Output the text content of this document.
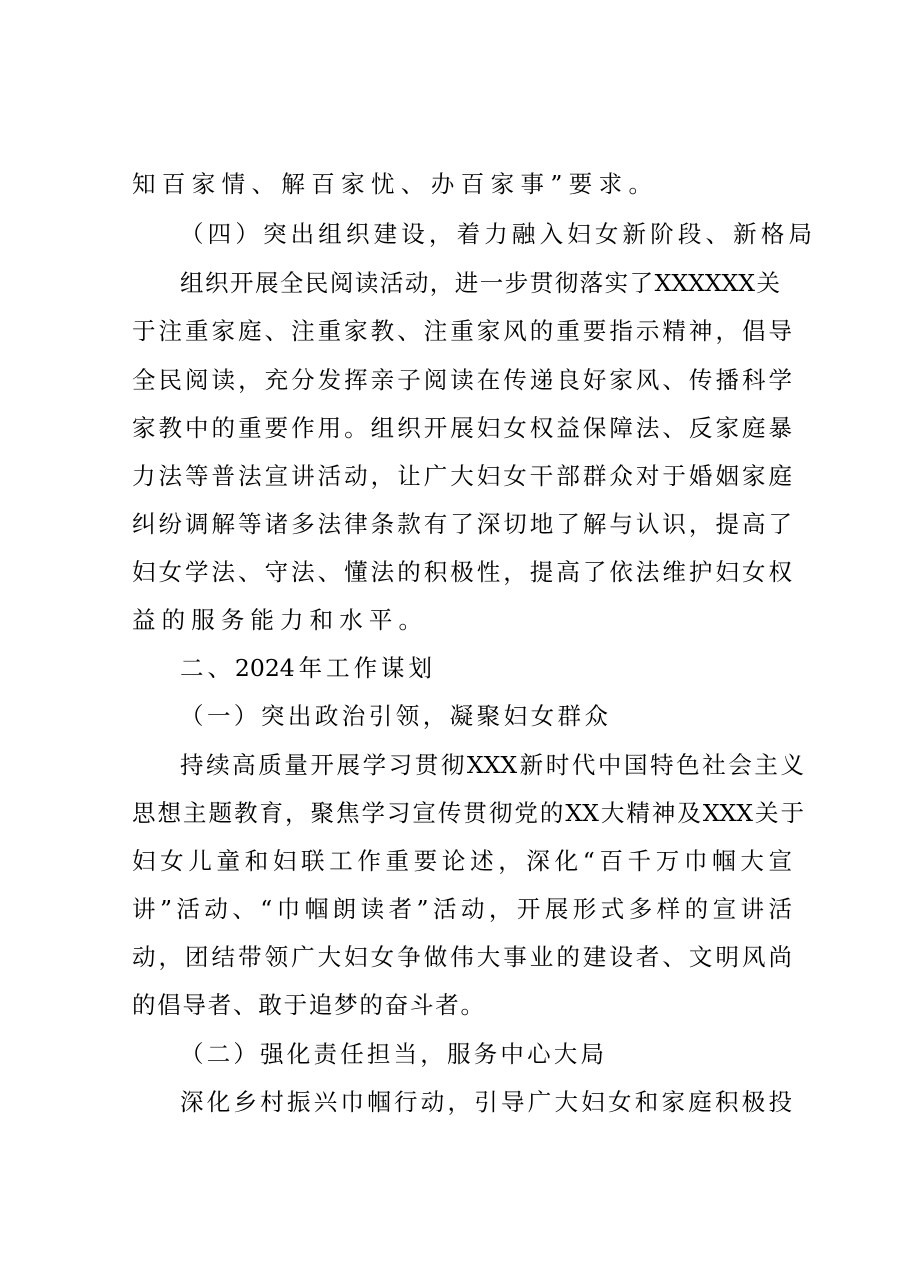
知百家情、解百家忧、办百家事”要求。
（四）突出组织建设，着力融入妇女新阶段、新格局
组织开展全民阅读活动，进一步贯彻落实了XXXXXX关
于注重家庭、注重家教、注重家风的重要指示精神，倡导
全民阅读，充分发挥亲子阅读在传递良好家风、传播科学
家教中的重要作用。组织开展妇女权益保障法、反家庭暴
力法等普法宣讲活动，让广大妇女干部群众对于婚姻家庭
纠纷调解等诸多法律条款有了深切地了解与认识，提高了
妇女学法、守法、懂法的积极性，提高了依法维护妇女权
益的服务能力和水平。
二、2024年工作谋划
（一）突出政治引领，凝聚妇女群众
持续高质量开展学习贯彻XXX新时代中国特色社会主义
思想主题教育，聚焦学习宣传贯彻党的XX大精神及XXX关于
妇女儿童和妇联工作重要论述，深化“百千万巾帼大宣
讲”活动、“巾帼朗读者”活动，开展形式多样的宣讲活
动，团结带领广大妇女争做伟大事业的建设者、文明风尚
的倡导者、敢于追梦的奋斗者。
（二）强化责任担当，服务中心大局
深化乡村振兴巾帼行动，引导广大妇女和家庭积极投
